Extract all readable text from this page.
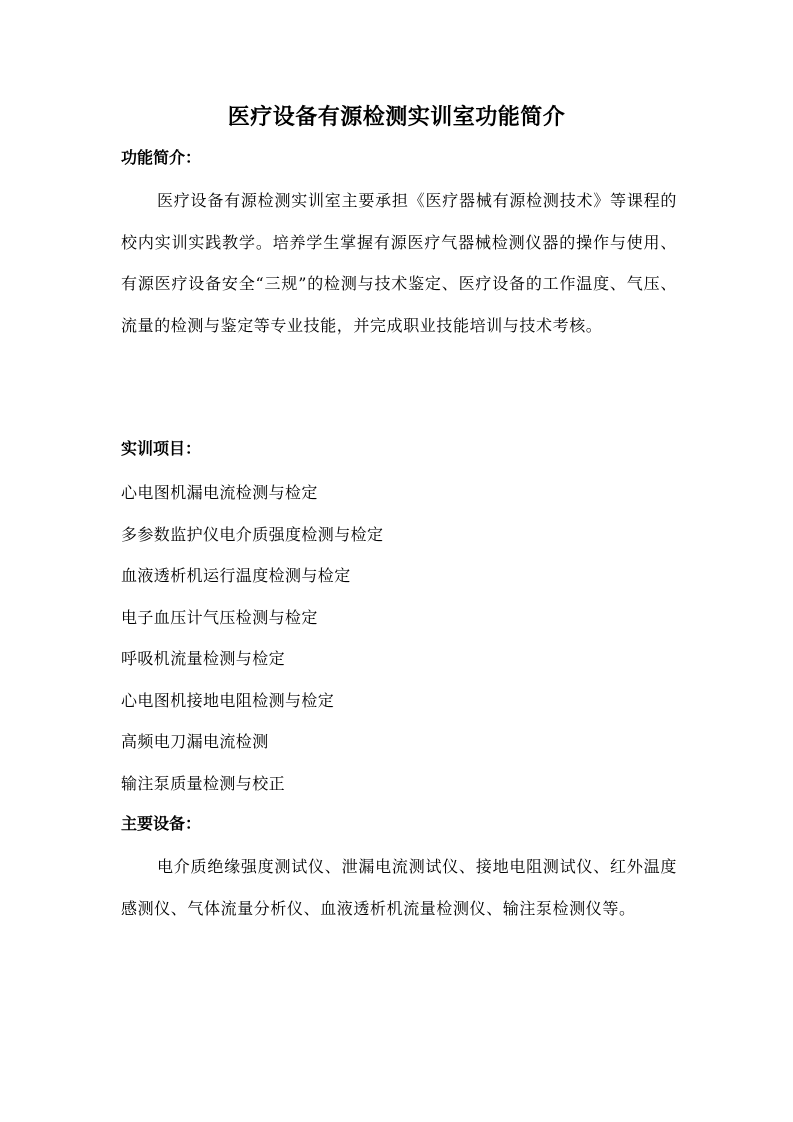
医疗设备有源检测实训室功能简介
功能简介：
医疗设备有源检测实训室主要承担《医疗器械有源检测技术》等课程的校内实训实践教学。培养学生掌握有源医疗气器械检测仪器的操作与使用、有源医疗设备安全“三规”的检测与技术鉴定、医疗设备的工作温度、气压、流量的检测与鉴定等专业技能，并完成职业技能培训与技术考核。
实训项目：
心电图机漏电流检测与检定
多参数监护仪电介质强度检测与检定
血液透析机运行温度检测与检定
电子血压计气压检测与检定
呼吸机流量检测与检定
心电图机接地电阻检测与检定
高频电刀漏电流检测
输注泵质量检测与校正
主要设备：
电介质绝缘强度测试仪、泄漏电流测试仪、接地电阻测试仪、红外温度感测仪、气体流量分析仪、血液透析机流量检测仪、输注泵检测仪等。
